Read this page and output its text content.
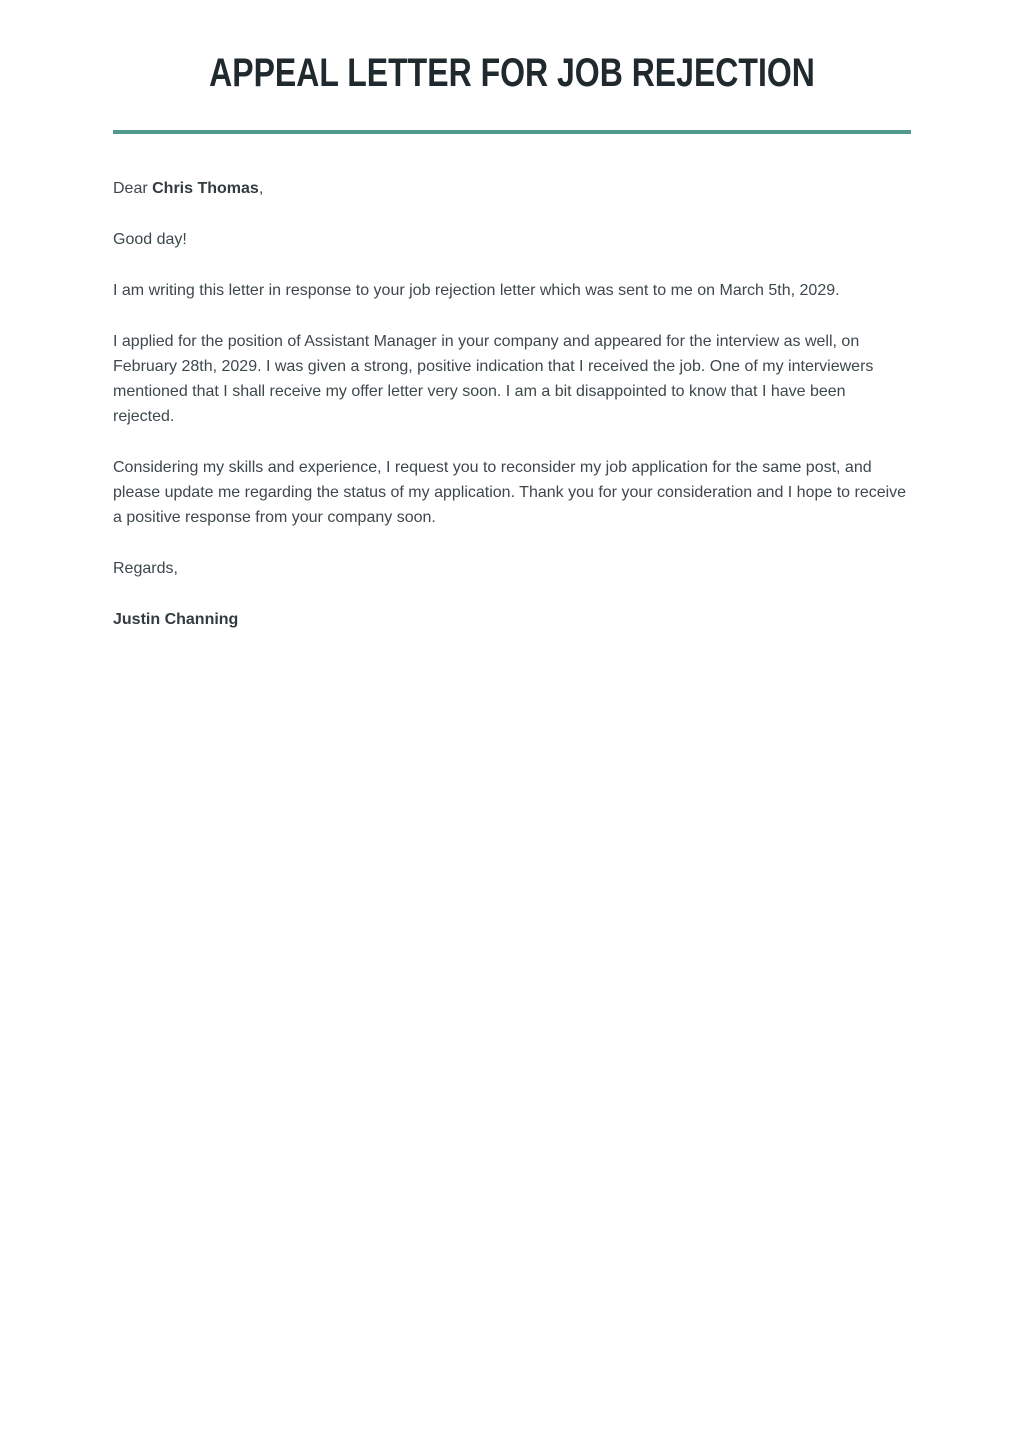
APPEAL LETTER FOR JOB REJECTION

Dear Chris Thomas,

Good day!

I am writing this letter in response to your job rejection letter which was sent to me on March 5th, 2029.

I applied for the position of Assistant Manager in your company and appeared for the interview as well, on February 28th, 2029. I was given a strong, positive indication that I received the job. One of my interviewers mentioned that I shall receive my offer letter very soon. I am a bit disappointed to know that I have been rejected.

Considering my skills and experience, I request you to reconsider my job application for the same post, and please update me regarding the status of my application. Thank you for your consideration and I hope to receive a positive response from your company soon.

Regards,

Justin Channing
